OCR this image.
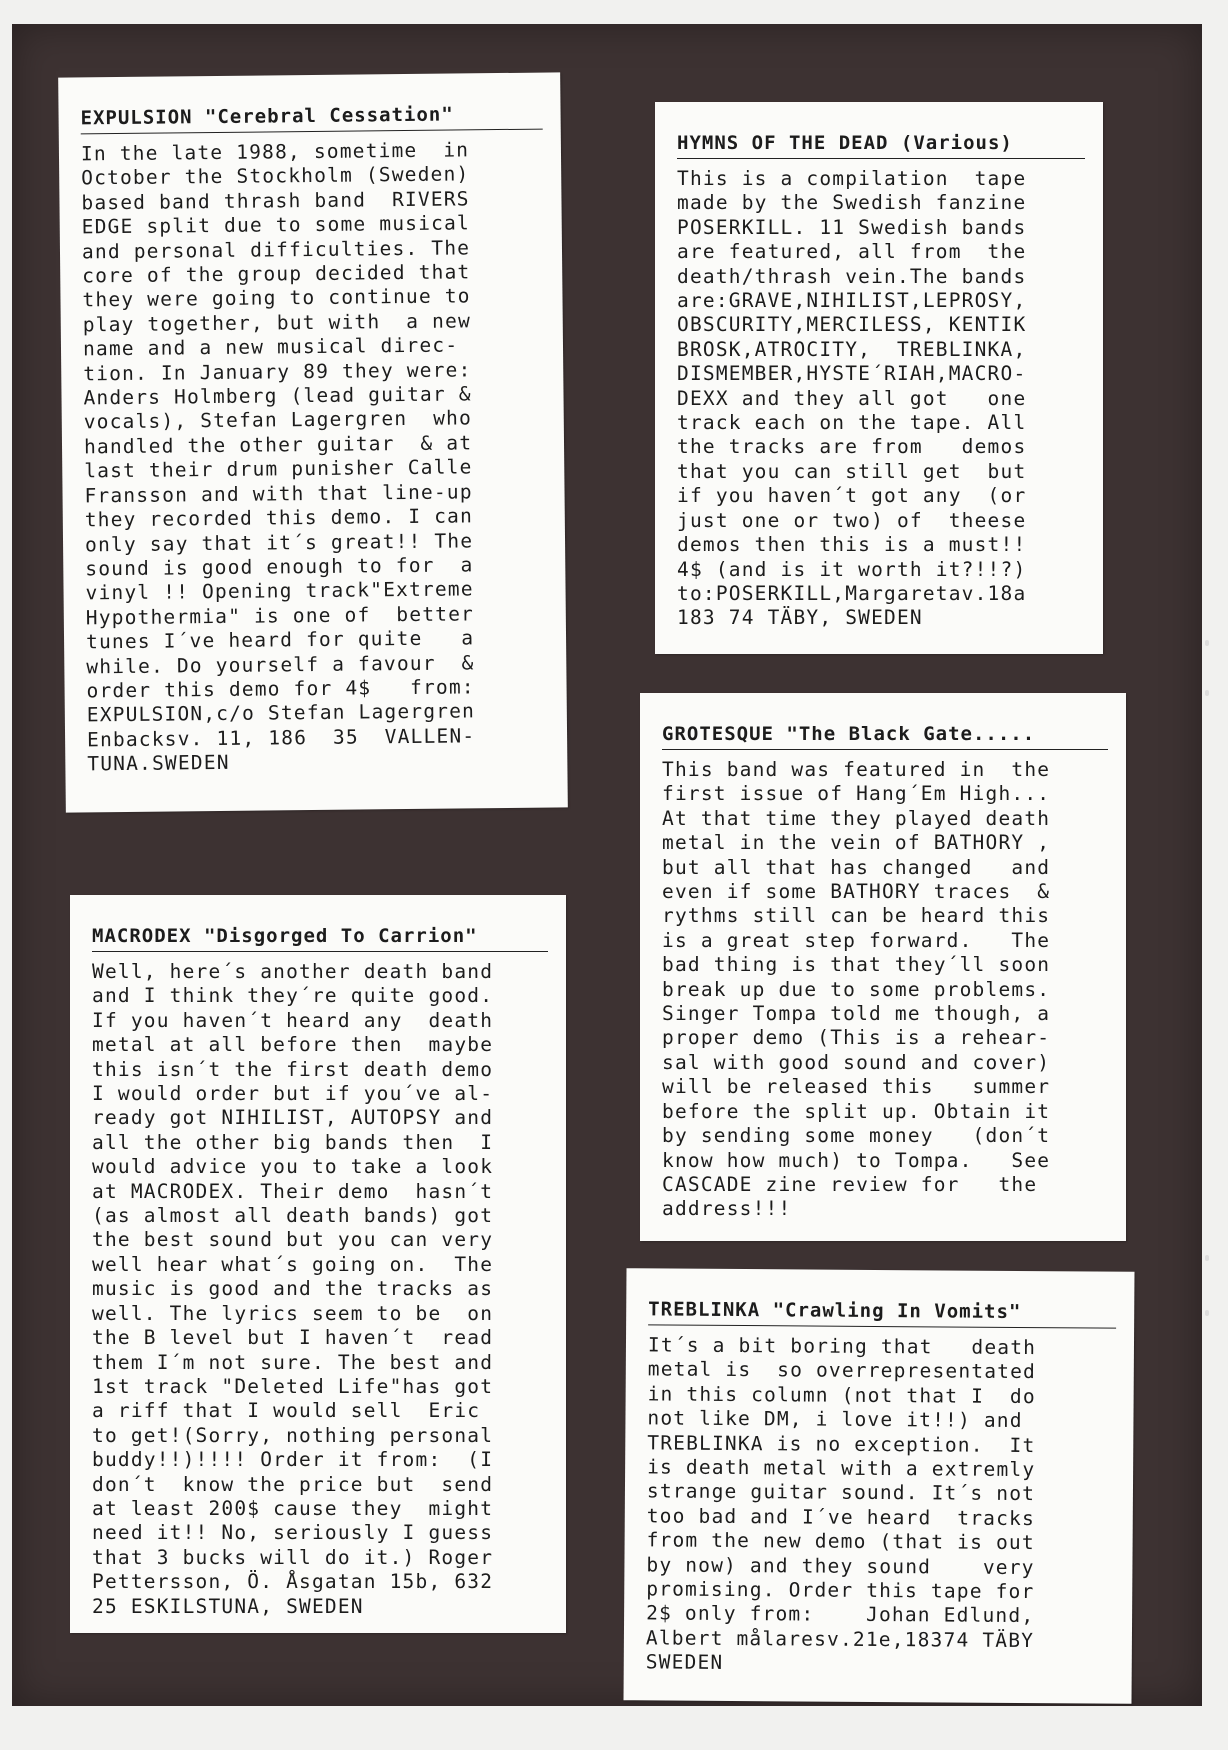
EXPULSION "Cerebral Cessation"

In the late 1988, sometime  in
October the Stockholm (Sweden)
based band thrash band  RIVERS
EDGE split due to some musical
and personal difficulties. The
core of the group decided that
they were going to continue to
play together, but with  a new
name and a new musical direc-
tion. In January 89 they were:
Anders Holmberg (lead guitar &
vocals), Stefan Lagergren  who
handled the other guitar  & at
last their drum punisher Calle
Fransson and with that line-up
they recorded this demo. I can
only say that it´s great!! The
sound is good enough to for  a
vinyl !! Opening track"Extreme
Hypothermia" is one of  better
tunes I´ve heard for quite   a
while. Do yourself a favour  &
order this demo for 4$   from:
EXPULSION,c/o Stefan Lagergren
Enbacksv. 11, 186  35  VALLEN-
TUNA.SWEDEN

HYMNS OF THE DEAD (Various)

This is a compilation  tape
made by the Swedish fanzine
POSERKILL. 11 Swedish bands
are featured, all from  the
death/thrash vein.The bands
are:GRAVE,NIHILIST,LEPROSY,
OBSCURITY,MERCILESS, KENTIK
BROSK,ATROCITY,  TREBLINKA,
DISMEMBER,HYSTE´RIAH,MACRO-
DEXX and they all got   one
track each on the tape. All
the tracks are from   demos
that you can still get  but
if you haven´t got any  (or
just one or two) of  theese
demos then this is a must!!
4$ (and is it worth it?!!?)
to:POSERKILL,Margaretav.18a
183 74 TÄBY, SWEDEN

MACRODEX "Disgorged To Carrion"

Well, here´s another death band
and I think they´re quite good.
If you haven´t heard any  death
metal at all before then  maybe
this isn´t the first death demo
I would order but if you´ve al-
ready got NIHILIST, AUTOPSY and
all the other big bands then  I
would advice you to take a look
at MACRODEX. Their demo  hasn´t
(as almost all death bands) got
the best sound but you can very
well hear what´s going on.  The
music is good and the tracks as
well. The lyrics seem to be  on
the B level but I haven´t  read
them I´m not sure. The best and
1st track "Deleted Life"has got
a riff that I would sell  Eric
to get!(Sorry, nothing personal
buddy!!)!!!! Order it from:  (I
don´t  know the price but  send
at least 200$ cause they  might
need it!! No, seriously I guess
that 3 bucks will do it.) Roger
Pettersson, Ö. Åsgatan 15b, 632
25 ESKILSTUNA, SWEDEN

GROTESQUE "The Black Gate.....

This band was featured in  the
first issue of Hang´Em High...
At that time they played death
metal in the vein of BATHORY ,
but all that has changed   and
even if some BATHORY traces  &
rythms still can be heard this
is a great step forward.   The
bad thing is that they´ll soon
break up due to some problems.
Singer Tompa told me though, a
proper demo (This is a rehear-
sal with good sound and cover)
will be released this   summer
before the split up. Obtain it
by sending some money   (don´t
know how much) to Tompa.   See
CASCADE zine review for   the
address!!!

TREBLINKA "Crawling In Vomits"

It´s a bit boring that   death
metal is  so overrepresentated
in this column (not that I  do
not like DM, i love it!!) and
TREBLINKA is no exception.  It
is death metal with a extremly
strange guitar sound. It´s not
too bad and I´ve heard  tracks
from the new demo (that is out
by now) and they sound    very
promising. Order this tape for
2$ only from:    Johan Edlund,
Albert målaresv.21e,18374 TÄBY
SWEDEN
